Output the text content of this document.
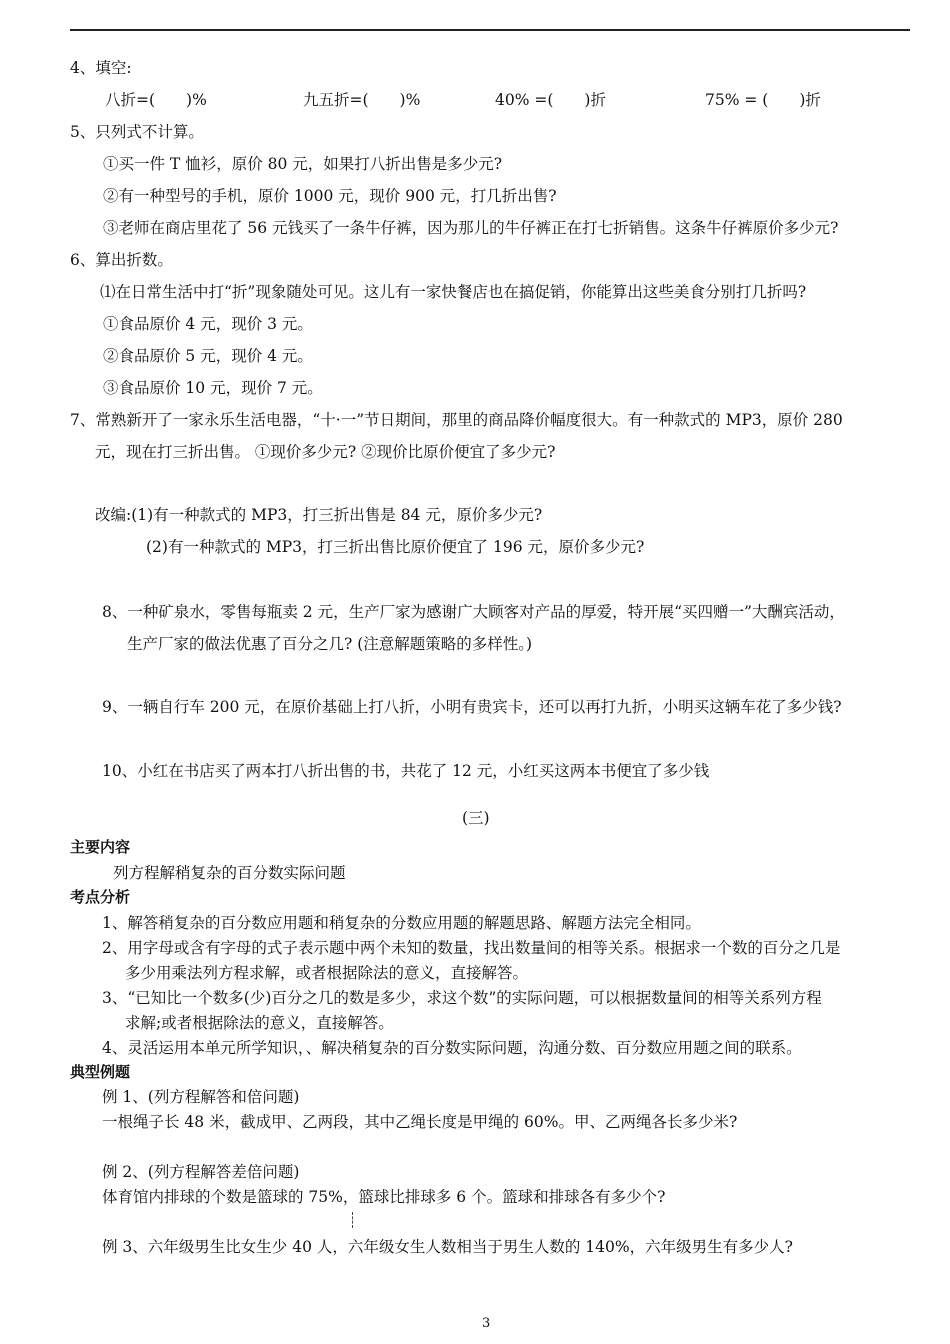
4、填空:
八折=(　　)%	九五折=(　　)%	40% =(　　)折	75% = (　　)折
5、只列式不计算。
①买一件 T 恤衫，原价 80 元，如果打八折出售是多少元?
②有一种型号的手机，原价 1000 元，现价 900 元，打几折出售?
③老师在商店里花了 56 元钱买了一条牛仔裤，因为那儿的牛仔裤正在打七折销售。这条牛仔裤原价多少元?
6、算出折数。
⑴在日常生活中打“折”现象随处可见。这儿有一家快餐店也在搞促销，你能算出这些美食分别打几折吗?
①食品原价 4 元，现价 3 元。
②食品原价 5 元，现价 4 元。
③食品原价 10 元，现价 7 元。
7、常熟新开了一家永乐生活电器，“十·一”节日期间，那里的商品降价幅度很大。有一种款式的 MP3，原价 280
元，现在打三折出售。 ①现价多少元? ②现价比原价便宜了多少元?
改编:(1)有一种款式的 MP3，打三折出售是 84 元，原价多少元?
(2)有一种款式的 MP3，打三折出售比原价便宜了 196 元，原价多少元?
8、一种矿泉水，零售每瓶卖 2 元，生产厂家为感谢广大顾客对产品的厚爱，特开展“买四赠一”大酬宾活动，
生产厂家的做法优惠了百分之几? (注意解题策略的多样性。)
9、一辆自行车 200 元，在原价基础上打八折，小明有贵宾卡，还可以再打九折，小明买这辆车花了多少钱?
10、小红在书店买了两本打八折出售的书，共花了 12 元，小红买这两本书便宜了多少钱
(三)
主要内容
列方程解稍复杂的百分数实际问题
考点分析
1、解答稍复杂的百分数应用题和稍复杂的分数应用题的解题思路、解题方法完全相同。
2、用字母或含有字母的式子表示题中两个未知的数量，找出数量间的相等关系。根据求一个数的百分之几是
多少用乘法列方程求解，或者根据除法的意义，直接解答。
3、“已知比一个数多(少)百分之几的数是多少，求这个数”的实际问题，可以根据数量间的相等关系列方程
求解;或者根据除法的意义，直接解答。
4、灵活运用本单元所学知识，、解决稍复杂的百分数实际问题，沟通分数、百分数应用题之间的联系。
典型例题
例 1、(列方程解答和倍问题)
一根绳子长 48 米，截成甲、乙两段，其中乙绳长度是甲绳的 60%。甲、乙两绳各长多少米?
例 2、(列方程解答差倍问题)
体育馆内排球的个数是篮球的 75%，篮球比排球多 6 个。篮球和排球各有多少个?
例 3、六年级男生比女生少 40 人，六年级女生人数相当于男生人数的 140%，六年级男生有多少人?
3
